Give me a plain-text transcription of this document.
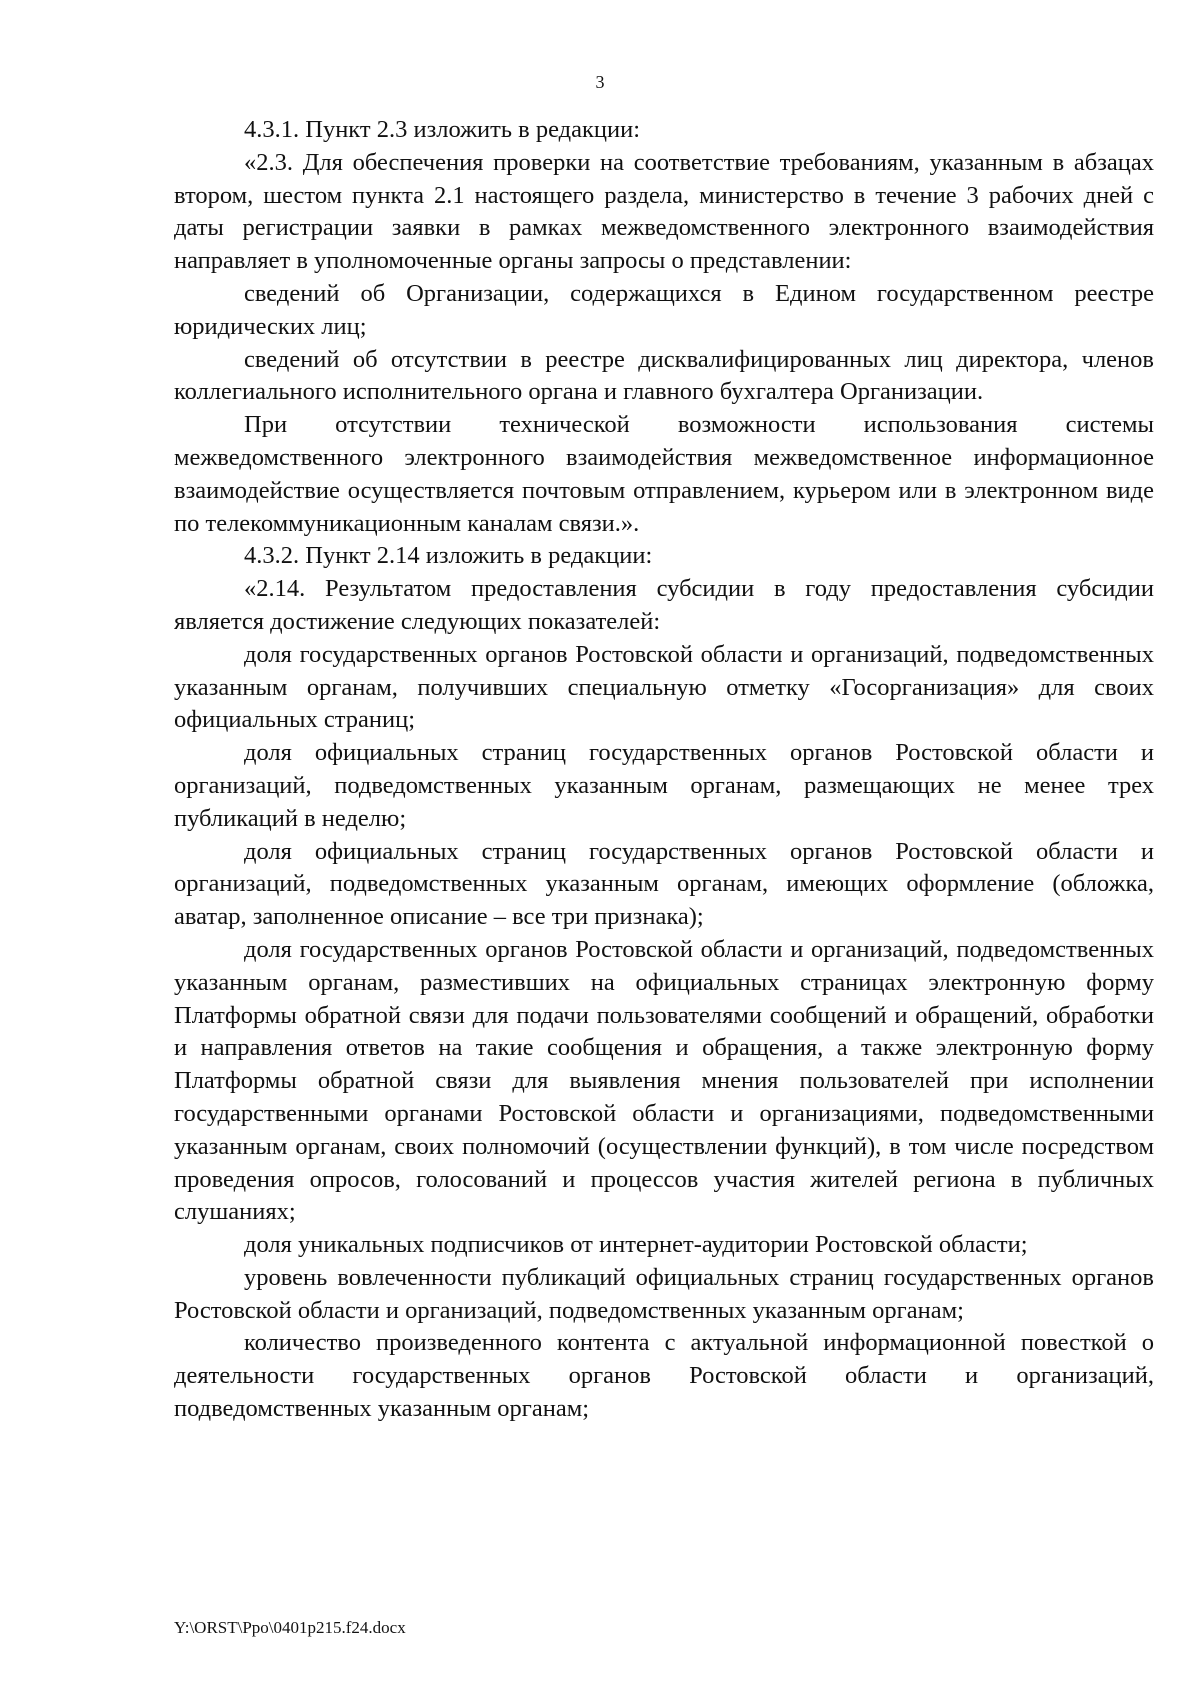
3

4.3.1. Пункт 2.3 изложить в редакции:

«2.3. Для обеспечения проверки на соответствие требованиям, указанным в абзацах втором, шестом пункта 2.1 настоящего раздела, министерство в течение 3 рабочих дней с даты регистрации заявки в рамках межведомственного электронного взаимодействия направляет в уполномоченные органы запросы о представлении:

сведений об Организации, содержащихся в Едином государственном реестре юридических лиц;

сведений об отсутствии в реестре дисквалифицированных лиц директора, членов коллегиального исполнительного органа и главного бухгалтера Организации.

При отсутствии технической возможности использования системы межведомственного электронного взаимодействия межведомственное информационное взаимодействие осуществляется почтовым отправлением, курьером или в электронном виде по телекоммуникационным каналам связи.».

4.3.2. Пункт 2.14 изложить в редакции:

«2.14. Результатом предоставления субсидии в году предоставления субсидии является достижение следующих показателей:

доля государственных органов Ростовской области и организаций, подведомственных указанным органам, получивших специальную отметку «Госорганизация» для своих официальных страниц;

доля официальных страниц государственных органов Ростовской области и организаций, подведомственных указанным органам, размещающих не менее трех публикаций в неделю;

доля официальных страниц государственных органов Ростовской области и организаций, подведомственных указанным органам, имеющих оформление (обложка, аватар, заполненное описание – все три признака);

доля государственных органов Ростовской области и организаций, подведомственных указанным органам, разместивших на официальных страницах электронную форму Платформы обратной связи для подачи пользователями сообщений и обращений, обработки и направления ответов на такие сообщения и обращения, а также электронную форму Платформы обратной связи для выявления мнения пользователей при исполнении государственными органами Ростовской области и организациями, подведомственными указанным органам, своих полномочий (осуществлении функций), в том числе посредством проведения опросов, голосований и процессов участия жителей региона в публичных слушаниях;

доля уникальных подписчиков от интернет-аудитории Ростовской области;

уровень вовлеченности публикаций официальных страниц государственных органов Ростовской области и организаций, подведомственных указанным органам;

количество произведенного контента с актуальной информационной повесткой о деятельности государственных органов Ростовской области и организаций, подведомственных указанным органам;

Y:\ORST\Ppo\0401p215.f24.docx
